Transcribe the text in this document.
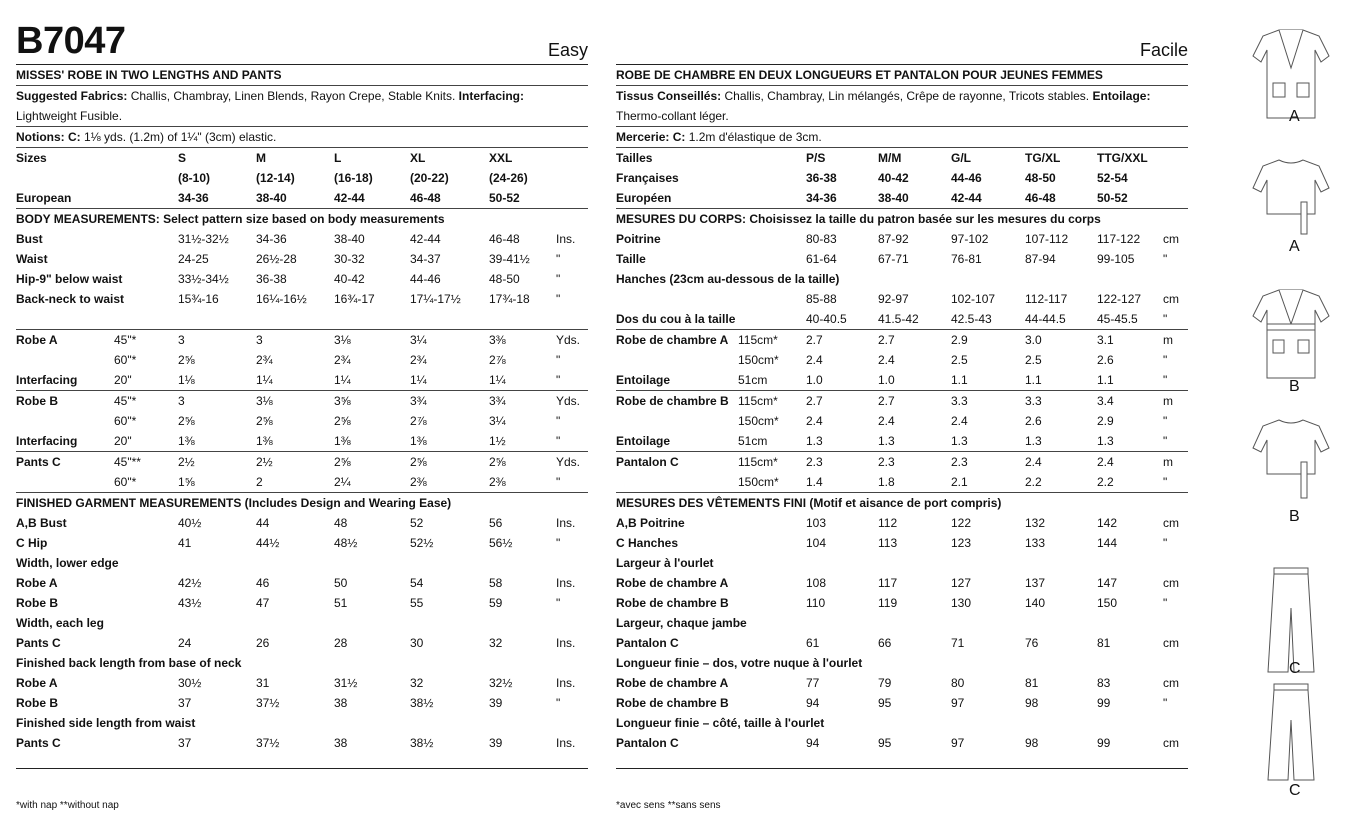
B7047	Easy
MISSES' ROBE IN TWO LENGTHS AND PANTS
Suggested Fabrics: Challis, Chambray, Linen Blends, Rayon Crepe, Stable Knits. Interfacing: Lightweight Fusible.
Notions: C: 1⅛ yds. (1.2m) of 1¼" (3cm) elastic.
Sizes	S	M	L	XL	XXL
(8-10)	(12-14)	(16-18)	(20-22)	(24-26)
European	34-36	38-40	42-44	46-48	50-52
BODY MEASUREMENTS: Select pattern size based on body measurements
Bust	31½-32½ 34-36	38-40	42-44	46-48	Ins.
Waist	24-25	26½-28	30-32	34-37	39-41½ "
Hip-9" below waist	33½-34½ 36-38	40-42	44-46	48-50	"
Back-neck to waist	15¾-16	16¼-16½ 16¾-17	17¼-17½ 17¾-18 "
Robe A	45"*	3	3	3⅛	3¼	3⅜	Yds.
60"*	2⅝	2¾	2¾	2¾	2⅞	"
Interfacing	20"	1⅛	1¼	1¼	1¼	1¼	"
Robe B	45"*	3	3⅛	3⅝	3¾	3¾	Yds.
60"*	2⅝	2⅝	2⅝	2⅞	3¼	"
Interfacing	20"	1⅜	1⅜	1⅜	1⅜	1½	"
Pants C	45"**	2½	2½	2⅝	2⅝	2⅝	Yds.
60"*	1⅝	2	2¼	2⅜	2⅜	"
FINISHED GARMENT MEASUREMENTS (Includes Design and Wearing Ease)
A,B Bust	40½	44	48	52	56	Ins.
C Hip	41	44½	48½	52½	56½	"
Width, lower edge
Robe A	42½	46	50	54	58	Ins.
Robe B	43½	47	51	55	59	"
Width, each leg
Pants C	24	26	28	30	32	Ins.
Finished back length from base of neck
Robe A	30½	31	31½	32	32½	Ins.
Robe B	37	37½	38	38½	39	"
Finished side length from waist
Pants C	37	37½	38	38½	39	Ins.
*with nap **without nap
Facile
ROBE DE CHAMBRE EN DEUX LONGUEURS ET PANTALON POUR JEUNES FEMMES
Tissus Conseillés: Challis, Chambray, Lin mélangés, Crêpe de rayonne, Tricots stables. Entoilage: Thermo-collant léger.
Mercerie: C: 1.2m d'élastique de 3cm.
Tailles	P/S	M/M	G/L	TG/XL	TTG/XXL
Françaises	36-38	40-42	44-46	48-50	52-54
Européen	34-36	38-40	42-44	46-48	50-52
MESURES DU CORPS: Choisissez la taille du patron basée sur les mesures du corps
Poitrine	80-83	87-92	97-102	107-112 117-122 cm
Taille	61-64	67-71	76-81	87-94	99-105 "
Hanches (23cm au-dessous de la taille)
85-88	92-97	102-107 112-117 122-127 cm
Dos du cou à la taille	40-40.5	41.5-42	42.5-43	44-44.5	45-45.5 "
Robe de chambre A 115cm* 2.7	2.7	2.9	3.0	3.1	m
150cm* 2.4	2.4	2.5	2.5	2.6	"
Entoilage	51cm	1.0	1.0	1.1	1.1	1.1	"
Robe de chambre B 115cm* 2.7	2.7	3.3	3.3	3.4	m
150cm* 2.4	2.4	2.4	2.6	2.9	"
Entoilage	51cm	1.3	1.3	1.3	1.3	1.3	"
Pantalon C	115cm* 2.3	2.3	2.3	2.4	2.4	m
150cm* 1.4	1.8	2.1	2.2	2.2	"
MESURES DES VÊTEMENTS FINI (Motif et aisance de port compris)
A,B Poitrine	103	112	122	132	142	cm
C Hanches	104	113	123	133	144	"
Largeur à l'ourlet
Robe de chambre A	108	117	127	137	147	cm
Robe de chambre B	110	119	130	140	150	"
Largeur, chaque jambe
Pantalon C	61	66	71	76	81	cm
Longueur finie – dos, votre nuque à l'ourlet
Robe de chambre A	77	79	80	81	83	cm
Robe de chambre B	94	95	97	98	99	"
Longueur finie – côté, taille à l'ourlet
Pantalon C	94	95	97	98	99	cm
*avec sens **sans sens
A
A
B
B
C
C
